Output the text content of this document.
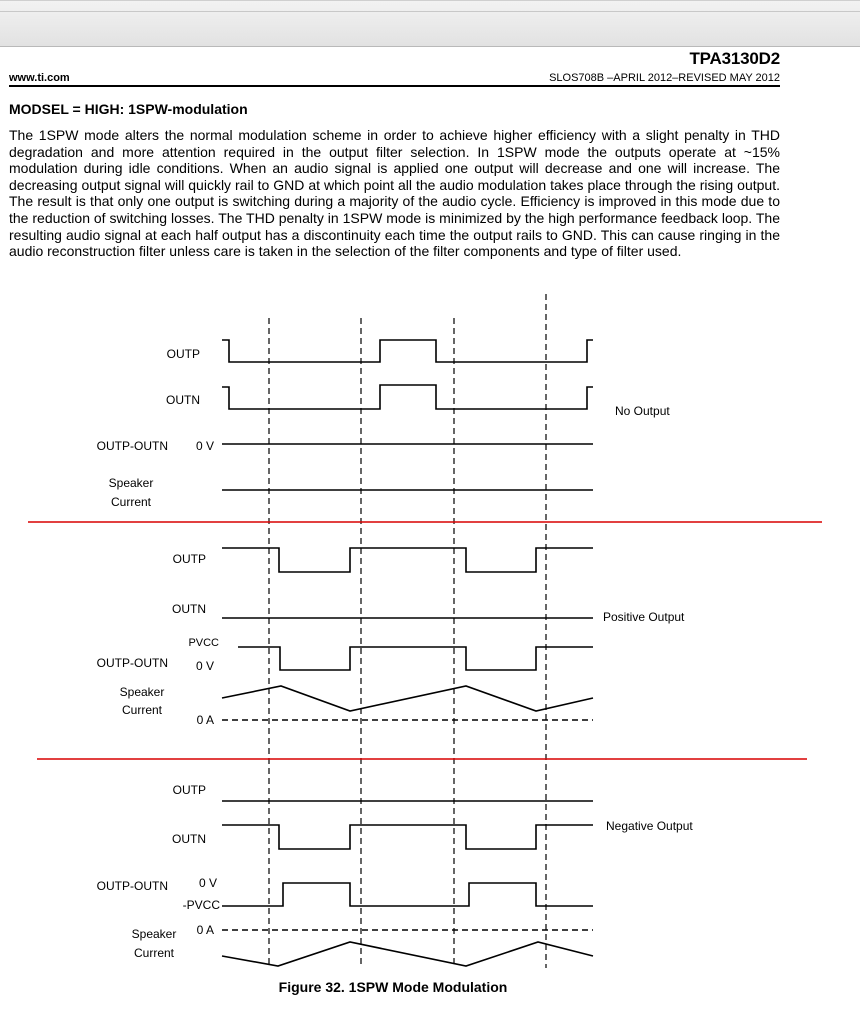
TPA3130D2
www.ti.com	SLOS708B –APRIL 2012–REVISED MAY 2012
MODSEL = HIGH: 1SPW-modulation
The 1SPW mode alters the normal modulation scheme in order to achieve higher efficiency with a slight penalty in THD degradation and more attention required in the output filter selection. In 1SPW mode the outputs operate at ~15% modulation during idle conditions. When an audio signal is applied one output will decrease and one will increase. The decreasing output signal will quickly rail to GND at which point all the audio modulation takes place through the rising output. The result is that only one output is switching during a majority of the audio cycle. Efficiency is improved in this mode due to the reduction of switching losses. The THD penalty in 1SPW mode is minimized by the high performance feedback loop. The resulting audio signal at each half output has a discontinuity each time the output rails to GND. This can cause ringing in the audio reconstruction filter unless care is taken in the selection of the filter components and type of filter used.
OUTP
OUTN
OUTP-OUTN 0 V
Speaker
Current
No Output
OUTP
OUTN
PVCC
OUTP-OUTN 0 V
Speaker
Current
0 A
Positive Output
OUTP
OUTN
OUTP-OUTN	0 V
-PVCC
0 A
Speaker
Current
Negative Output
Figure 32. 1SPW Mode Modulation
